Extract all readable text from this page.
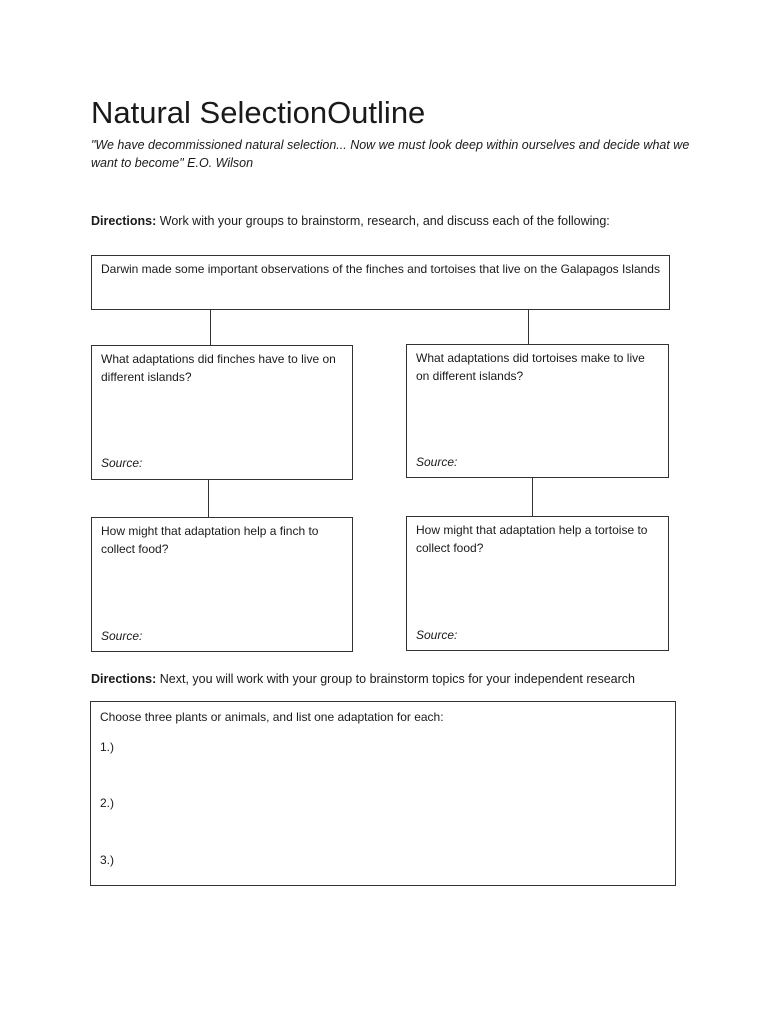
Natural SelectionOutline
"We have decommissioned natural selection... Now we must look deep within ourselves and decide what we want to become" E.O. Wilson
Directions: Work with your groups to brainstorm, research, and discuss each of the following:
Darwin made some important observations of the finches and tortoises that live on the Galapagos Islands
What adaptations did finches have to live on different islands?
Source:
What adaptations did tortoises make to live on different islands?
Source:
How might that adaptation help a finch to collect food?
Source:
How might that adaptation help a tortoise to collect food?
Source:
Directions: Next, you will work with your group to brainstorm topics for your independent research
Choose three plants or animals, and list one adaptation for each:
1.)
2.)
3.)
